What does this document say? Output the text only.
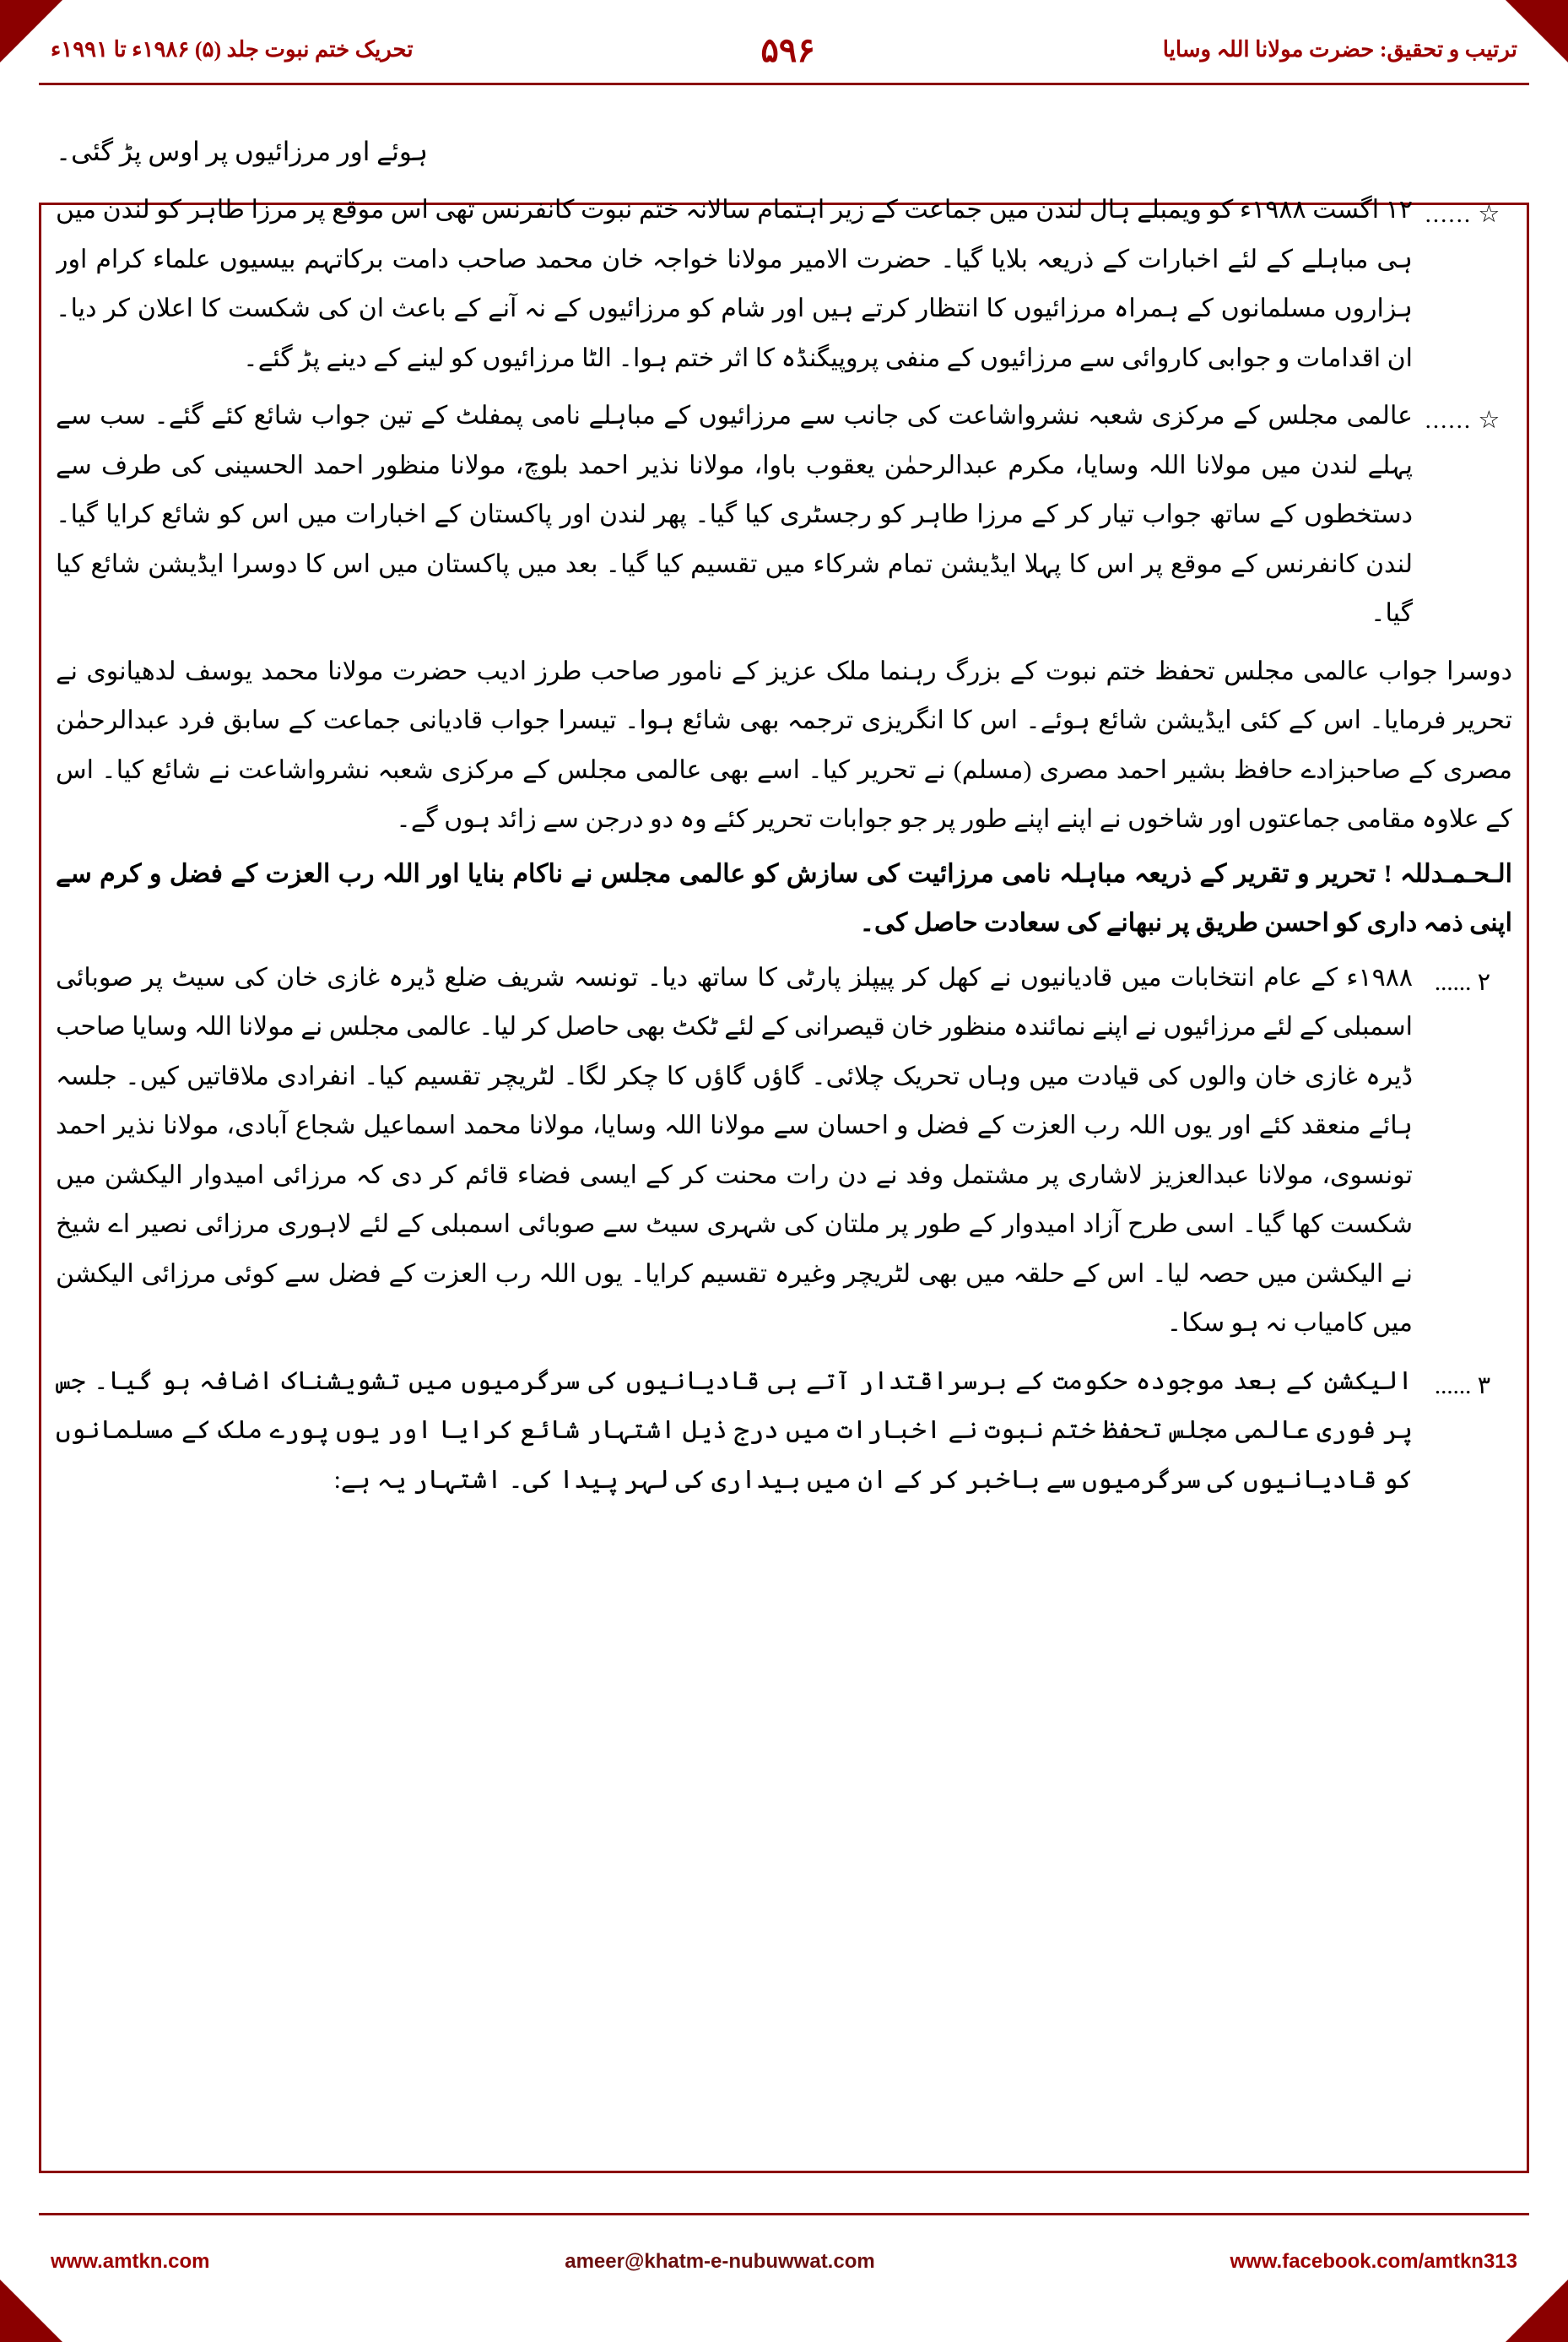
ترتیب و تحقیق: حضرت مولانا اللہ وسایا
۵۹۶
تحریک ختم نبوت جلد (۵) ۱۹۸۶ء تا ۱۹۹۱ء
ہوئے اور مرزائیوں پر اوس پڑ گئی۔
☆ ......

۱۲ اگست ۱۹۸۸ء کو ویمبلے ہال لندن میں جماعت کے زیر اہتمام سالانہ ختم نبوت کانفرنس تھی اس موقع پر مرزا طاہر کو لندن میں ہی مباہلے کے لئے اخبارات کے ذریعہ بلایا گیا۔ حضرت الامیر مولانا خواجہ خان محمد صاحب دامت برکاتہم بیسیوں علماء کرام اور ہزاروں مسلمانوں کے ہمراہ مرزائیوں کا انتظار کرتے ہیں اور شام کو مرزائیوں کے نہ آنے کے باعث ان کی شکست کا اعلان کر دیا۔ ان اقدامات و جوابی کاروائی سے مرزائیوں کے منفی پروپیگنڈہ کا اثر ختم ہوا۔ الٹا مرزائیوں کو لینے کے دینے پڑ گئے۔

☆ ......

عالمی مجلس کے مرکزی شعبہ نشرواشاعت کی جانب سے مرزائیوں کے مباہلے نامی پمفلٹ کے تین جواب شائع کئے گئے۔ سب سے پہلے لندن میں مولانا اللہ وسایا، مکرم عبدالرحمٰن یعقوب باوا، مولانا نذیر احمد بلوچ، مولانا منظور احمد الحسینی کی طرف سے دستخطوں کے ساتھ جواب تیار کر کے مرزا طاہر کو رجسٹری کیا گیا۔ پھر لندن اور پاکستان کے اخبارات میں اس کو شائع کرایا گیا۔ لندن کانفرنس کے موقع پر اس کا پہلا ایڈیشن تمام شرکاء میں تقسیم کیا گیا۔ بعد میں پاکستان میں اس کا دوسرا ایڈیشن شائع کیا گیا۔

دوسرا جواب عالمی مجلس تحفظ ختم نبوت کے بزرگ رہنما ملک عزیز کے نامور صاحب طرز ادیب حضرت مولانا محمد یوسف لدھیانوی نے تحریر فرمایا۔ اس کے کئی ایڈیشن شائع ہوئے۔ اس کا انگریزی ترجمہ بھی شائع ہوا۔ تیسرا جواب قادیانی جماعت کے سابق فرد عبدالرحمٰن مصری کے صاحبزادے حافظ بشیر احمد مصری (مسلم) نے تحریر کیا۔ اسے بھی عالمی مجلس کے مرکزی شعبہ نشرواشاعت نے شائع کیا۔ اس کے علاوہ مقامی جماعتوں اور شاخوں نے اپنے اپنے طور پر جو جوابات تحریر کئے وہ دو درجن سے زائد ہوں گے۔
الـحـمـدللہ ! تحریر و تقریر کے ذریعہ مباہلہ نامی مرزائیت کی سازش کو عالمی مجلس نے ناکام بنایا اور اللہ رب العزت کے فضل و کرم سے اپنی ذمہ داری کو احسن طریق پر نبھانے کی سعادت حاصل کی۔
۲ ......

۱۹۸۸ء کے عام انتخابات میں قادیانیوں نے کھل کر پیپلز پارٹی کا ساتھ دیا۔ تونسہ شریف ضلع ڈیرہ غازی خان کی سیٹ پر صوبائی اسمبلی کے لئے مرزائیوں نے اپنے نمائندہ منظور خان قیصرانی کے لئے ٹکٹ بھی حاصل کر لیا۔ عالمی مجلس نے مولانا اللہ وسایا صاحب ڈیرہ غازی خان والوں کی قیادت میں وہاں تحریک چلائی۔ گاؤں گاؤں کا چکر لگا۔ لٹریچر تقسیم کیا۔ انفرادی ملاقاتیں کیں۔ جلسہ ہائے منعقد کئے اور یوں اللہ رب العزت کے فضل و احسان سے مولانا اللہ وسایا، مولانا محمد اسماعیل شجاع آبادی، مولانا نذیر احمد تونسوی، مولانا عبدالعزیز لاشاری پر مشتمل وفد نے دن رات محنت کر کے ایسی فضاء قائم کر دی کہ مرزائی امیدوار الیکشن میں شکست کھا گیا۔ اسی طرح آزاد امیدوار کے طور پر ملتان کی شہری سیٹ سے صوبائی اسمبلی کے لئے لاہوری مرزائی نصیر اے شیخ نے الیکشن میں حصہ لیا۔ اس کے حلقہ میں بھی لٹریچر وغیرہ تقسیم کرایا۔ یوں اللہ رب العزت کے فضل سے کوئی مرزائی الیکشن میں کامیاب نہ ہو سکا۔

۳ ......

الیکشن کے بعد موجودہ حکومت کے برسراقتدار آتے ہی قادیانیوں کی سرگرمیوں میں تشویشناک اضافہ ہو گیا۔ جس پر فوری عالمی مجلس تحفظ ختم نبوت نے اخبارات میں درج ذیل اشتہار شائع کرایا اور یوں پورے ملک کے مسلمانوں کو قادیانیوں کی سرگرمیوں سے باخبر کر کے ان میں بیداری کی لہر پیدا کی۔ اشتہار یہ ہے:

www.amtkn.com	ameer@khatm-e-nubuwwat.com	www.facebook.com/amtkn313
